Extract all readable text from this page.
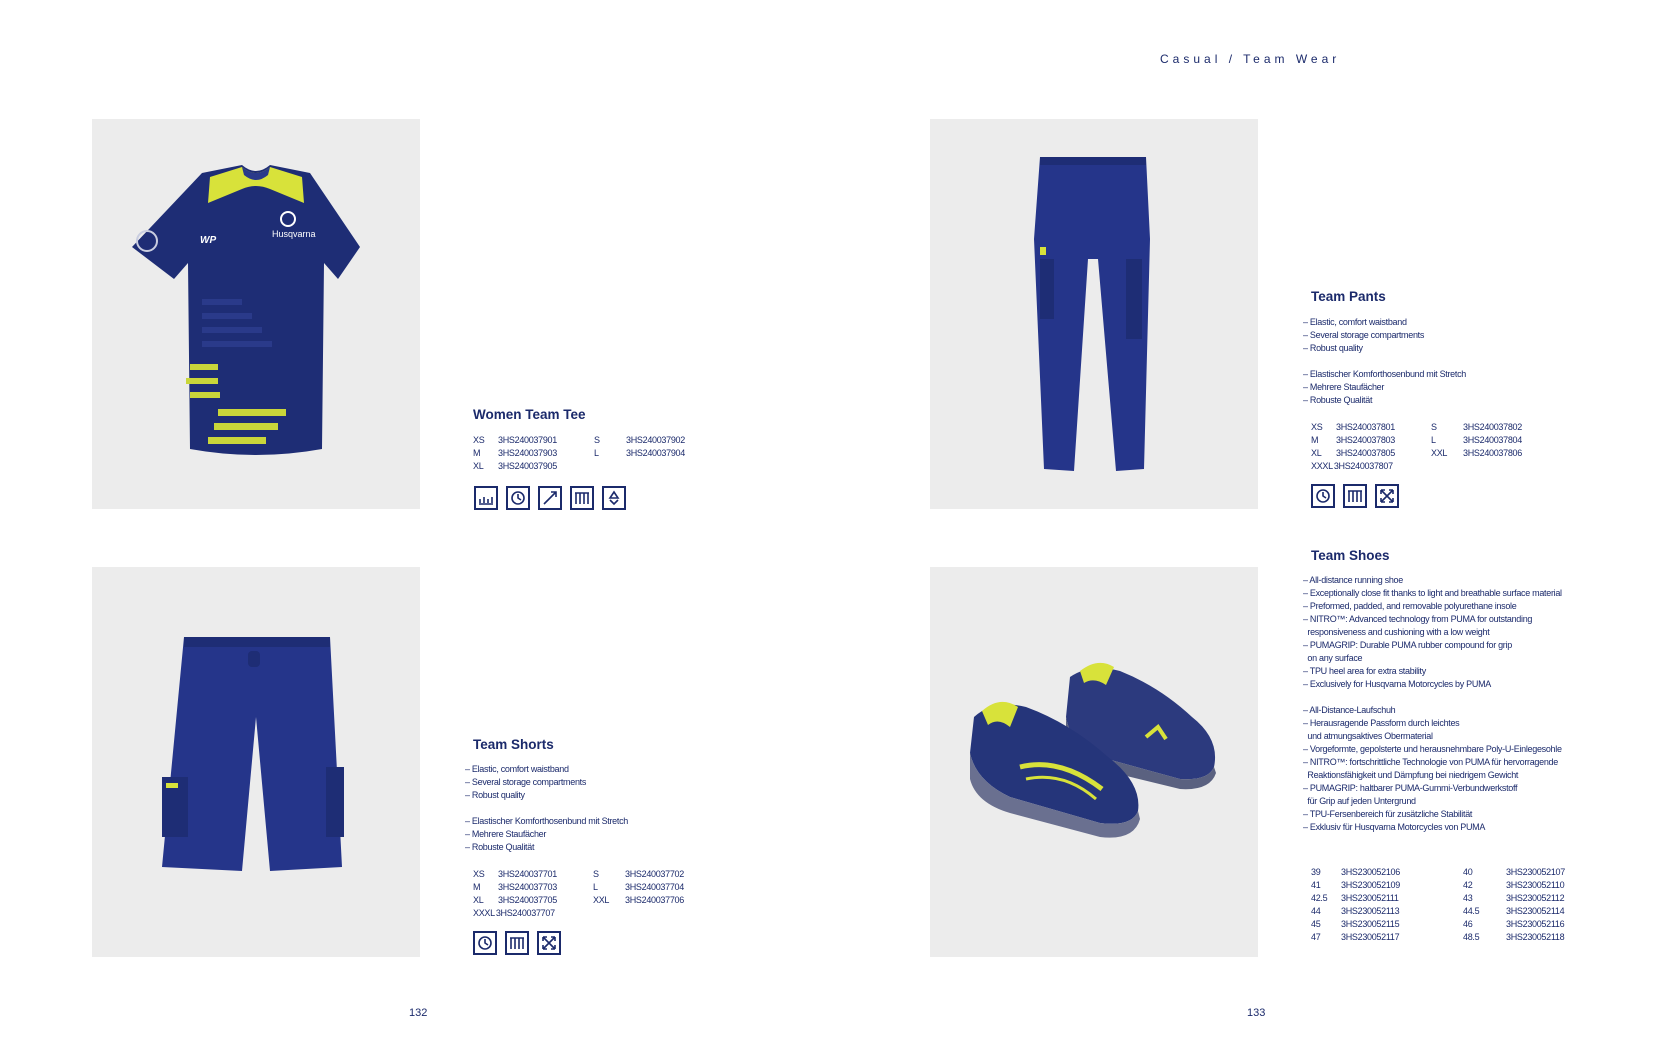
Casual / Team Wear
Husqvarna
WP
Women Team Tee
XS	3HS240037901	S	3HS240037902
M	3HS240037903	L	3HS240037904
XL	3HS240037905
Team Pants
– Elastic, comfort waistband
– Several storage compartments
– Robust quality
– Elastischer Komforthosenbund mit Stretch
– Mehrere Staufächer
– Robuste Qualität
XS	3HS240037801	S	3HS240037802
M	3HS240037803	L	3HS240037804
XL	3HS240037805	XXL	3HS240037806
XXXL 3HS240037807
Team Shorts
– Elastic, comfort waistband
– Several storage compartments
– Robust quality
– Elastischer Komforthosenbund mit Stretch
– Mehrere Staufächer
– Robuste Qualität
XS	3HS240037701	S	3HS240037702
M	3HS240037703	L	3HS240037704
XL	3HS240037705	XXL	3HS240037706
XXXL 3HS240037707
Team Shoes
– All-distance running shoe
– Exceptionally close fit thanks to light and breathable surface material
– Preformed, padded, and removable polyurethane insole
– NITRO™: Advanced technology from PUMA for outstanding
responsiveness and cushioning with a low weight
– PUMAGRIP: Durable PUMA rubber compound for grip
on any surface
– TPU heel area for extra stability
– Exclusively for Husqvarna Motorcycles by PUMA
– All-Distance-Laufschuh
– Herausragende Passform durch leichtes
und atmungsaktives Obermaterial
– Vorgeformte, gepolsterte und herausnehmbare Poly-U-Einlegesohle
– NITRO™: fortschrittliche Technologie von PUMA für hervorragende
Reaktionsfähigkeit und Dämpfung bei niedrigem Gewicht
– PUMAGRIP: haltbarer PUMA-Gummi-Verbundwerkstoff
für Grip auf jeden Untergrund
– TPU-Fersenbereich für zusätzliche Stabilität
– Exklusiv für Husqvarna Motorcycles von PUMA
39	3HS230052106	40	3HS230052107
41	3HS230052109	42	3HS230052110
42.5	3HS230052111	43	3HS230052112
44	3HS230052113	44.5	3HS230052114
45	3HS230052115	46	3HS230052116
47	3HS230052117	48.5	3HS230052118
132	133
